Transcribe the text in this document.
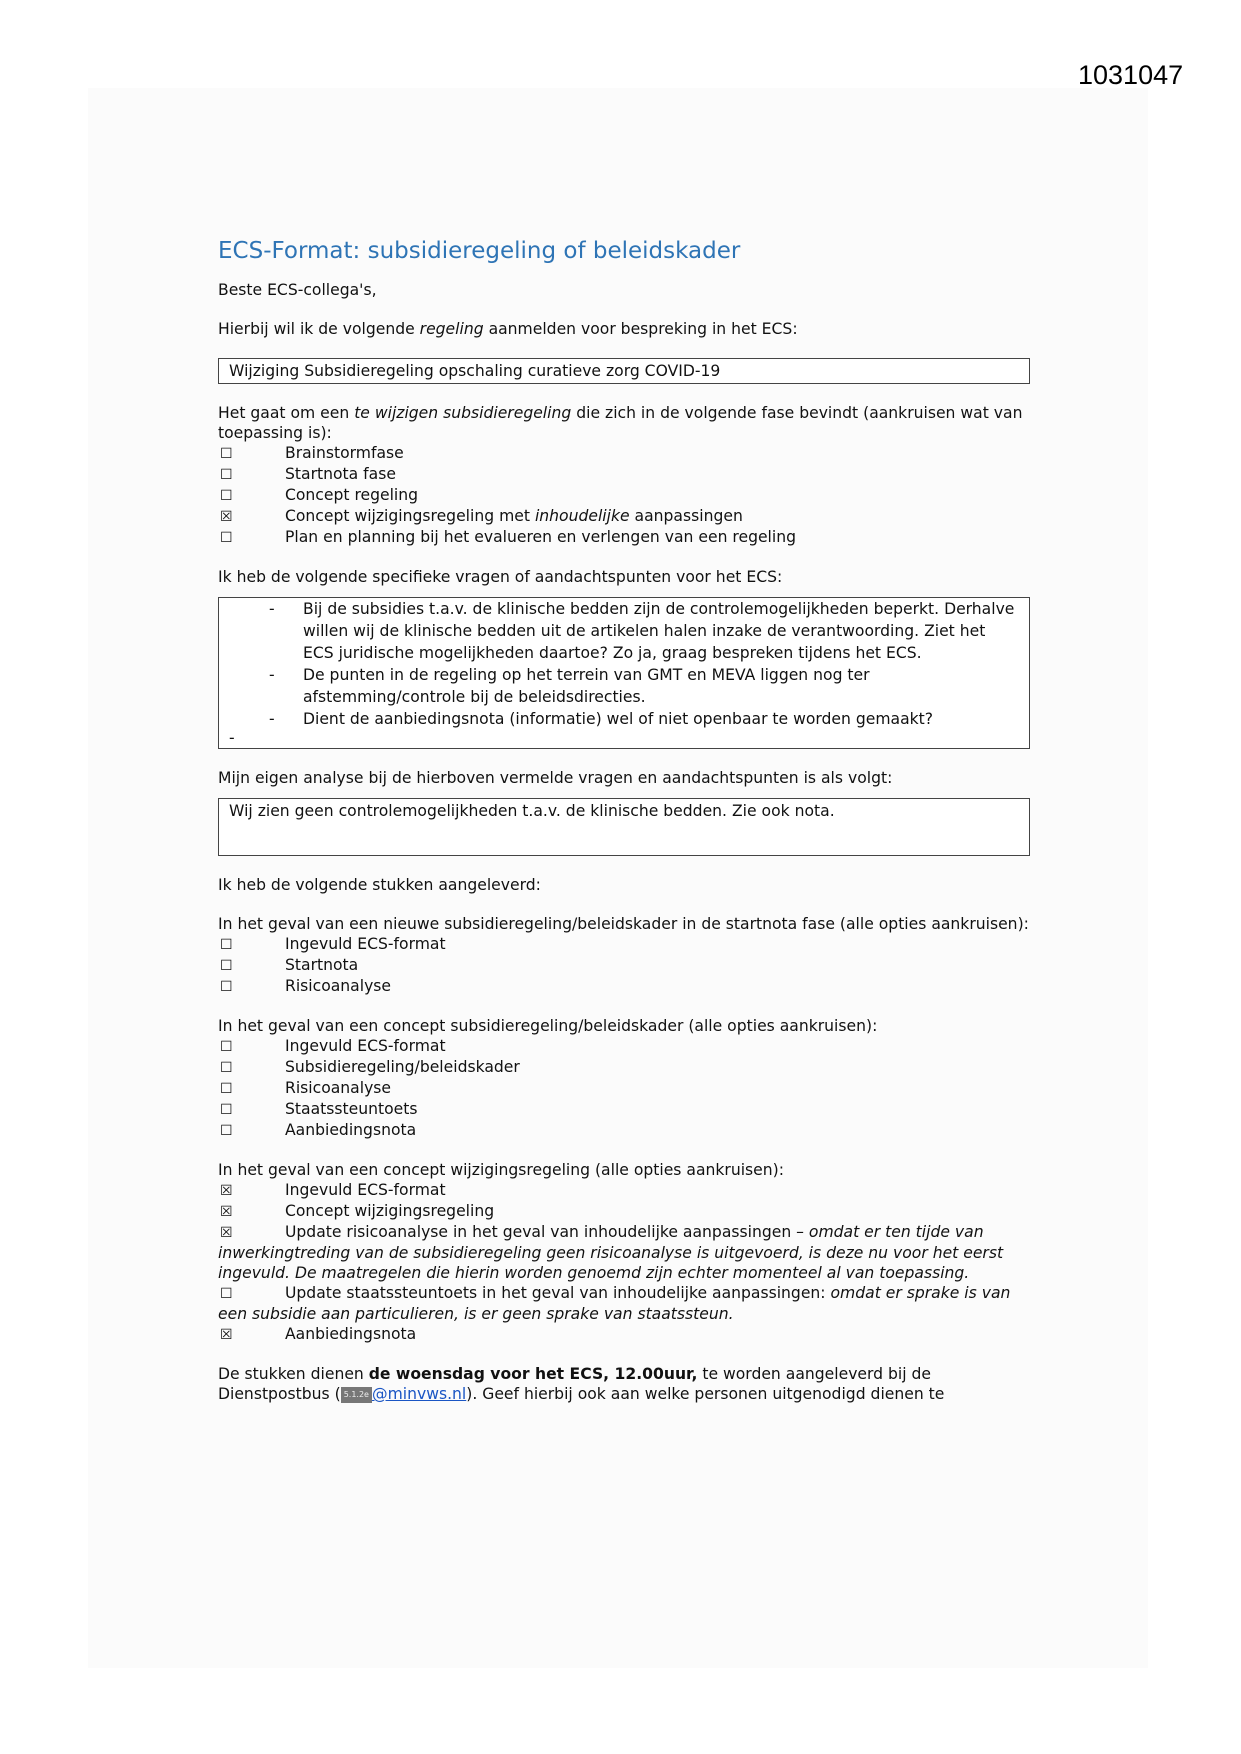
1031047
ECS-Format: subsidieregeling of beleidskader

Beste ECS-collega's,

Hierbij wil ik de volgende regeling aanmelden voor bespreking in het ECS:

Wijziging Subsidieregeling opschaling curatieve zorg COVID-19

Het gaat om een te wijzigen subsidieregeling die zich in de volgende fase bevindt (aankruisen wat van toepassing is):

☐	Brainstormfase
☐	Startnota fase
☐	Concept regeling
☒	Concept wijzigingsregeling met inhoudelijke aanpassingen
☐	Plan en planning bij het evalueren en verlengen van een regeling

Ik heb de volgende specifieke vragen of aandachtspunten voor het ECS:

-	Bij de subsidies t.a.v. de klinische bedden zijn de controlemogelijkheden beperkt. Derhalve willen wij de klinische bedden uit de artikelen halen inzake de verantwoording. Ziet het ECS juridische mogelijkheden daartoe? Zo ja, graag bespreken tijdens het ECS.
-	De punten in de regeling op het terrein van GMT en MEVA liggen nog ter afstemming/controle bij de beleidsdirecties.
-	Dient de aanbiedingsnota (informatie) wel of niet openbaar te worden gemaakt?
-

Mijn eigen analyse bij de hierboven vermelde vragen en aandachtspunten is als volgt:

Wij zien geen controlemogelijkheden t.a.v. de klinische bedden. Zie ook nota.

Ik heb de volgende stukken aangeleverd:

In het geval van een nieuwe subsidieregeling/beleidskader in de startnota fase (alle opties aankruisen):

☐	Ingevuld ECS-format
☐	Startnota
☐	Risicoanalyse

In het geval van een concept subsidieregeling/beleidskader (alle opties aankruisen):

☐	Ingevuld ECS-format
☐	Subsidieregeling/beleidskader
☐	Risicoanalyse
☐	Staatssteuntoets
☐	Aanbiedingsnota

In het geval van een concept wijzigingsregeling (alle opties aankruisen):

☒	Ingevuld ECS-format
☒	Concept wijzigingsregeling
☒	Update risicoanalyse in het geval van inhoudelijke aanpassingen – omdat er ten tijde van inwerkingtreding van de subsidieregeling geen risicoanalyse is uitgevoerd, is deze nu voor het eerst ingevuld. De maatregelen die hierin worden genoemd zijn echter momenteel al van toepassing.
☐	Update staatssteuntoets in het geval van inhoudelijke aanpassingen: omdat er sprake is van een subsidie aan particulieren, is er geen sprake van staatssteun.
☒	Aanbiedingsnota

De stukken dienen de woensdag voor het ECS, 12.00uur, te worden aangeleverd bij de Dienstpostbus ( 5.1.2e @minvws.nl). Geef hierbij ook aan welke personen uitgenodigd dienen te
